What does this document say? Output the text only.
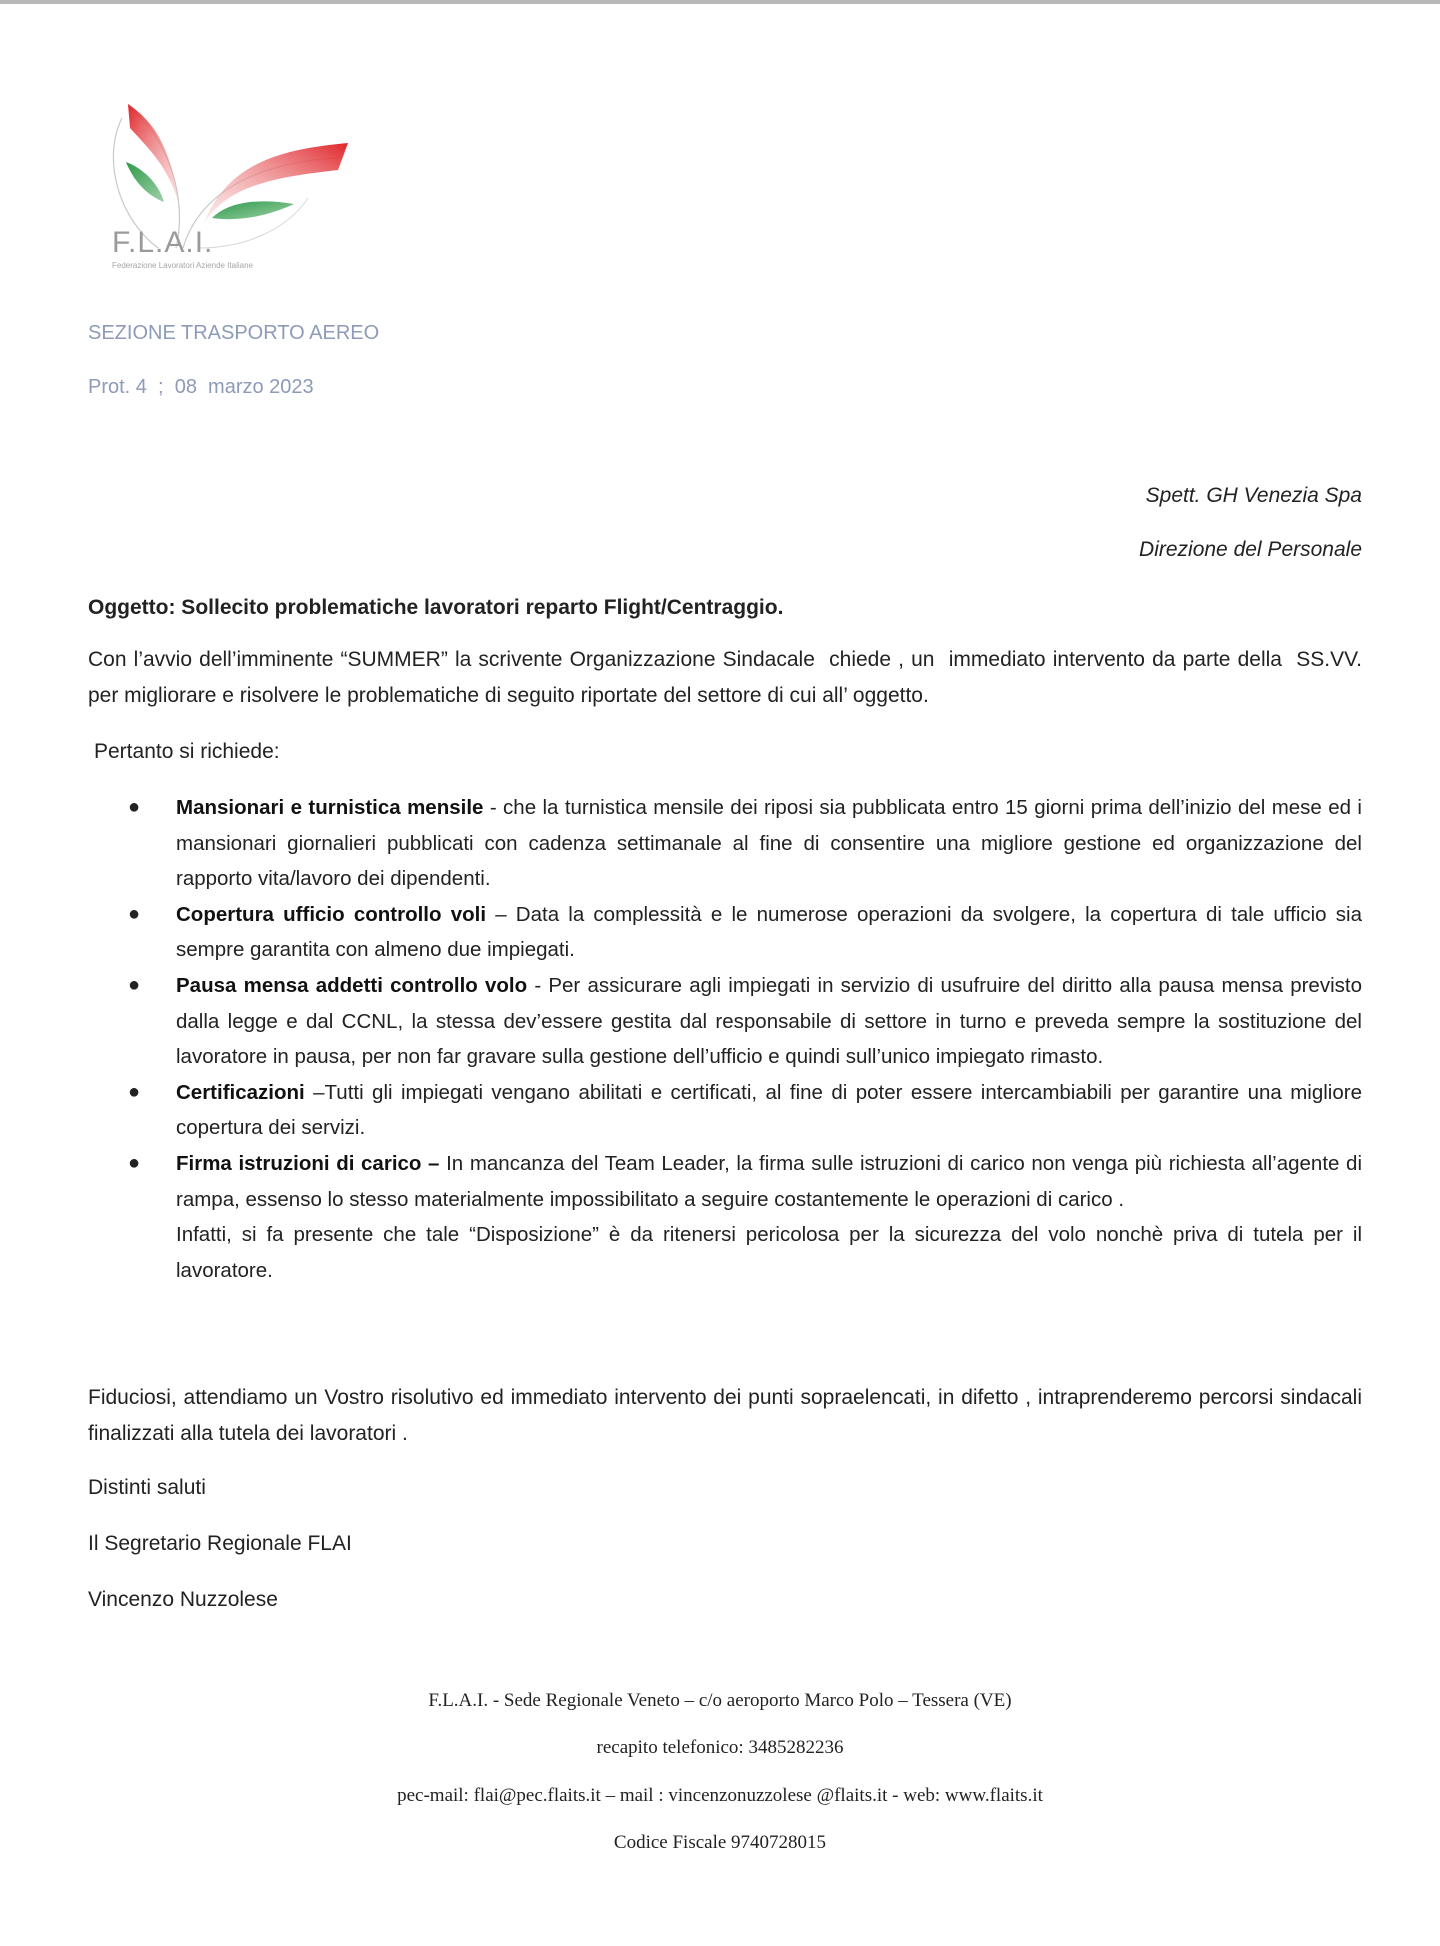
F.L.A.I.
Federazione Lavoratori Aziende Italiane
SEZIONE TRASPORTO AEREO
Prot. 4  ;  08  marzo 2023
Spett. GH Venezia Spa
Direzione del Personale
Oggetto: Sollecito problematiche lavoratori reparto Flight/Centraggio.
Con l’avvio dell’imminente “SUMMER” la scrivente Organizzazione Sindacale  chiede , un  immediato intervento da parte della  SS.VV. per migliorare e risolvere le problematiche di seguito riportate del settore di cui all’ oggetto.
Pertanto si richiede:
● Mansionari e turnistica mensile - che la turnistica mensile dei riposi sia pubblicata entro 15 giorni prima dell’inizio del mese ed i mansionari giornalieri pubblicati con cadenza settimanale al fine di consentire una migliore gestione ed organizzazione del rapporto vita/lavoro dei dipendenti.
● Copertura ufficio controllo voli – Data la complessità e le numerose operazioni da svolgere, la copertura di tale ufficio sia sempre garantita con almeno due impiegati.
● Pausa mensa addetti controllo volo - Per assicurare agli impiegati in servizio di usufruire del diritto alla pausa mensa previsto dalla legge e dal CCNL, la stessa dev’essere gestita dal responsabile di settore in turno e preveda sempre la sostituzione del lavoratore in pausa, per non far gravare sulla gestione dell’ufficio e quindi sull’unico impiegato rimasto.
● Certificazioni –Tutti gli impiegati vengano abilitati e certificati, al fine di poter essere intercambiabili per garantire una migliore copertura dei servizi.
● Firma istruzioni di carico – In mancanza del Team Leader, la firma sulle istruzioni di carico non venga più richiesta all’agente di rampa, essenso lo stesso materialmente impossibilitato a seguire costantemente le operazioni di carico .
Infatti, si fa presente che tale “Disposizione” è da ritenersi pericolosa per la sicurezza del volo nonchè priva di tutela per il lavoratore.
Fiduciosi, attendiamo un Vostro risolutivo ed immediato intervento dei punti sopraelencati, in difetto , intraprenderemo percorsi sindacali finalizzati alla tutela dei lavoratori .
Distinti saluti
Il Segretario Regionale FLAI
Vincenzo Nuzzolese
F.L.A.I. - Sede Regionale Veneto – c/o aeroporto Marco Polo – Tessera (VE)
recapito telefonico: 3485282236
pec-mail: flai@pec.flaits.it – mail : vincenzonuzzolese @flaits.it - web: www.flaits.it
Codice Fiscale 9740728015
